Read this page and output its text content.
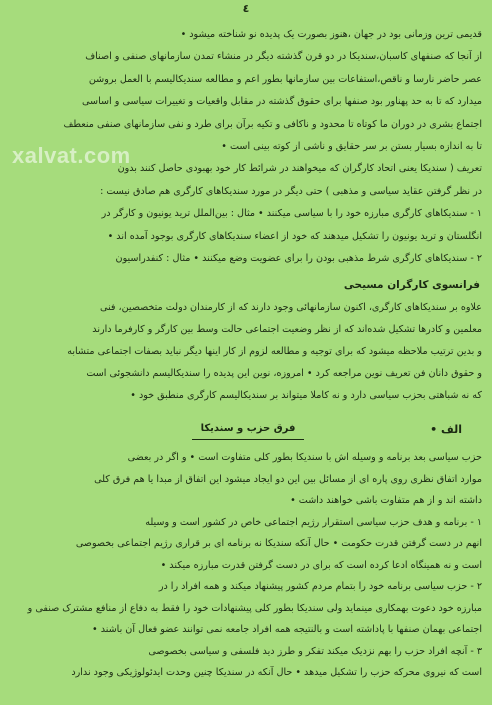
٤
قدیمی ترین وزمانی بود در جهان ،هنوز بصورت یک پدیده نو شناخته میشود •
از آنجا که صنفهای کاسبان،سندیکا در دو قرن گذشته دیگر در منشاء تمدن سازمانهای صنفی و اصناف
عصر حاضر نارسا و ناقص،استفاعات بین سازمانها بطور اعم و مطالعه سندیکالیسم با العمل بروشن
میدارد که تا به حد پهناور بود صنفها برای حقوق گذشته در مقابل واقعیات و تغییرات سیاسی و اساسی
اجتماع بشری در دوران ما کوتاه تا محدود و ناکافی و تکیه برآن برای طرد و نفی سازمانهای صنفی منعطف
تا به اندازه بسیار بستن بر سر حقایق و ناشی از کوته بینی است •
تعریف ( سندیکا یعنی اتحاد کارگران که میخواهند در شرائط کار خود بهبودی حاصل کنند بدون
در نظر گرفتن عقاید سیاسی و مذهبی ) حتی دیگر در مورد سندیکاهای کارگری هم صادق نیست :
۱ - سندیکاهای کارگری مبارزه خود را با سیاسی میکنند • مثال : بین‌الملل ترید یونیون و کارگر در
انگلستان و ترید یونیون را تشکیل میدهند که خود از اعضاء سندیکاهای کارگری بوجود آمده اند •
۲ - سندیکاهای کارگری شرط مذهبی بودن را برای عضویت وضع میکنند • مثال : کنفدراسیون
فرانسوی کارگران مسیحی
علاوه بر سندیکاهای کارگری، اکنون سازمانهائی وجود دارند که از کارمندان دولت متخصصین، فنی
معلمین و کادرها تشکیل شده‌اند که از نظر وضعیت اجتماعی حالت وسط بین کارگر و کارفرما دارند
و بدین ترتیب ملاحظه میشود که برای توجیه و مطالعه لزوم از کار اینها دیگر نباید بصفات اجتماعی متشابه
و حقوق دانان فن تعریف نوین مراجعه کرد • امروزه، نوین این پدیده را سندیکالیسم دانشجوئی است
که نه شباهتی بحزب سیاسی دارد و نه کاملا میتواند بر سندیکالیسم کارگری منطبق خود •
الف •
فرق حزب و سندیکا
حزب سیاسی بعد برنامه و وسیله اش با سندیکا بطور کلی متفاوت است • و اگر در بعضی
موارد اتفاق نظری روی پاره ای از مسائل بین این دو ایجاد میشود این اتفاق از مبدا یا هم فرق کلی
داشته اند و از هم متفاوت باشی خواهند داشت •
۱ - برنامه و هدف حزب سیاسی استقرار رژیم اجتماعی خاص در کشور است و وسیله
انهم در دست گرفتن قدرت حکومت • حال آنکه سندیکا نه برنامه ای بر قراری رژیم اجتماعی بخصوصی
است و نه همینگاه ادعا کرده است که برای در دست گرفتن قدرت مبارزه میکند •
۲ - حزب سیاسی برنامه خود را بتمام مردم کشور پیشنهاد میکند و همه افراد را در
مبارزه خود دعوت بهمکاری مینماید ولی سندیکا بطور کلی پیشنهادات خود را فقط به دفاع از منافع مشترک صنفی و
اجتماعی بهمان صنفها با پاداشته است و بالنتیجه همه افراد جامعه نمی توانند عضو فعال آن باشند •
۳ - آنچه افراد حزب را بهم نزدیک میکند تفکر و طرز دید فلسفی و سیاسی بخصوصی
است که نیروی محرکه حزب را تشکیل میدهد • حال آنکه در سندیکا چنین وحدت ایدئولوژیکی وجود ندارد
xalvat.com
